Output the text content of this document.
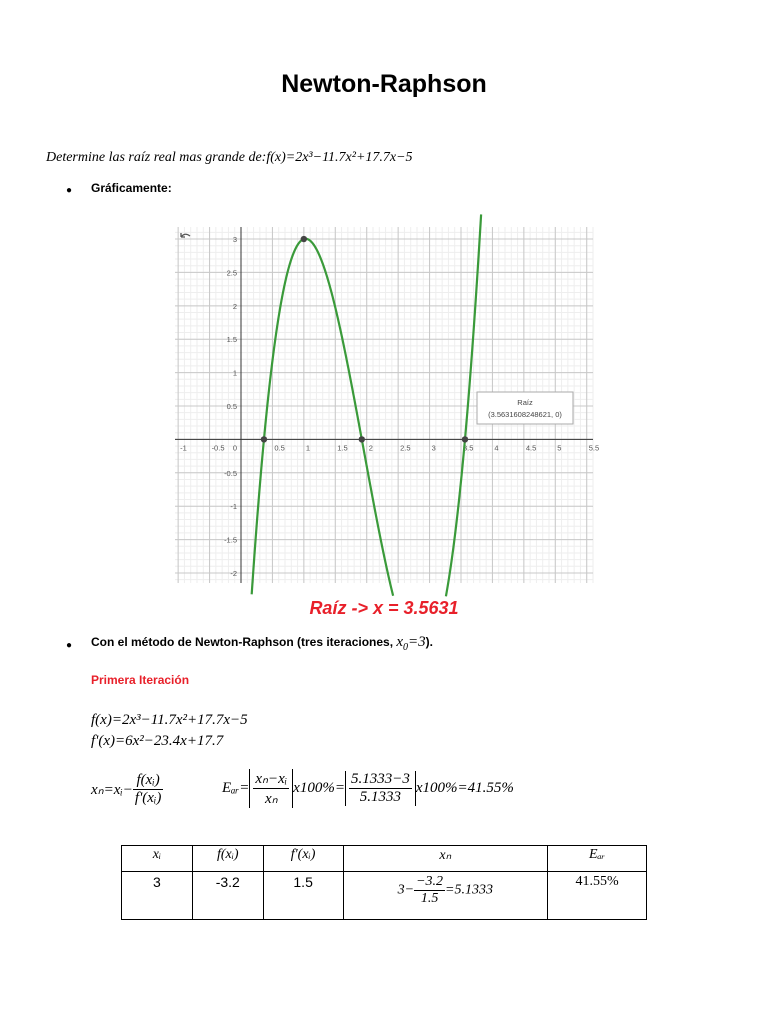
Newton-Raphson
Determine las raíz real mas grande de:f(x)=2x³−11.7x²+17.7x−5
● Gráficamente:
-1	-0.5	0.5	1	1.5	2	2.5	3	3.5	4	4.5	5	5.5
-2
-1.5
-1
-0.5
0
0.5
1
1.5
2
2.5
3
Raíz
(3.5631608248621, 0)
Raíz -> x = 3.5631
● Con el método de Newton-Raphson (tres iteraciones, $x_0=3$).
Primera Iteración
f(x)=2x³−11.7x²+17.7x−5
f'(x)=6x²−23.4x+17.7
xₙ=xᵢ− $\frac{\text{f(xᵢ)}}{\text{f'(xᵢ)}}$	Eₐᵣ= $\frac{\text{xₙ−xᵢ}}{\text{xₙ}} x100\%= \frac{5.1333-3}{5.1333} x100\%=41.55\%$
xᵢ	f(xᵢ)	f'(xᵢ)	xₙ	Eₐᵣ
3	-3.2	1.5	$3- \frac{-3.2}{1.5} =5.1333$	41.55%
